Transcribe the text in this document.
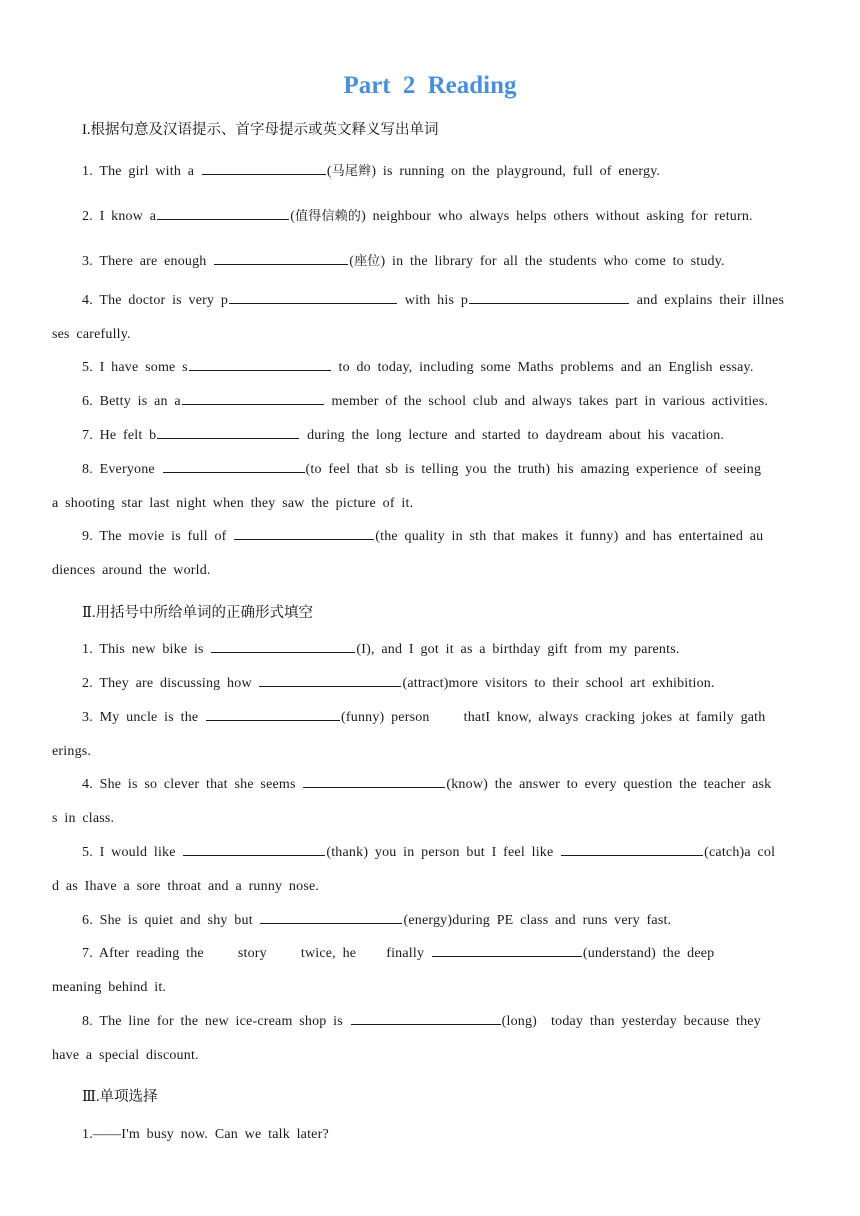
Part 2 Reading
I.根据句意及汉语提示、首字母提示或英文释义写出单词
1. The girl with a	(马尾辫) is running on the playground, full of energy.
2. I know a	(值得信赖的) neighbour who always helps others without asking for return.
3. There are enough	(座位) in the library for all the students who come to study.
4. The doctor is very p	with his p	and explains their illnes
ses carefully.
5. I have some s	to do today, including some Maths problems and an English essay.
6. Betty is an a	member of the school club and always takes part in various activities.
7. He felt b	during the long lecture and started to daydream about his vacation.
8. Everyone	(to feel that sb is telling you the truth) his amazing experience of seeing
a shooting star last night when they saw the picture of it.
9. The movie is full of	(the quality in sth that makes it funny) and has entertained au
diences around the world.
Ⅱ.用括号中所给单词的正确形式填空
1. This new bike is	(I), and I got it as a birthday gift from my parents.
2. They are discussing how	(attract)more visitors to their school art exhibition.
3. My uncle is the	(funny) person thatI know, always cracking jokes at family gath
erings.
4. She is so clever that she seems	(know) the answer to every question the teacher ask
s in class.
5. I would like	(thank) you in person but I feel like	(catch)a col
d as Ihave a sore throat and a runny nose.
6. She is quiet and shy but	(energy)during PE class and runs very fast.
7. After reading the story twice, he finally	(understand) the deep
meaning behind it.
8. The line for the new ice-cream shop is	(long) today than yesterday because they
have a special discount.
Ⅲ.单项选择
1.——I'm busy now. Can we talk later?
